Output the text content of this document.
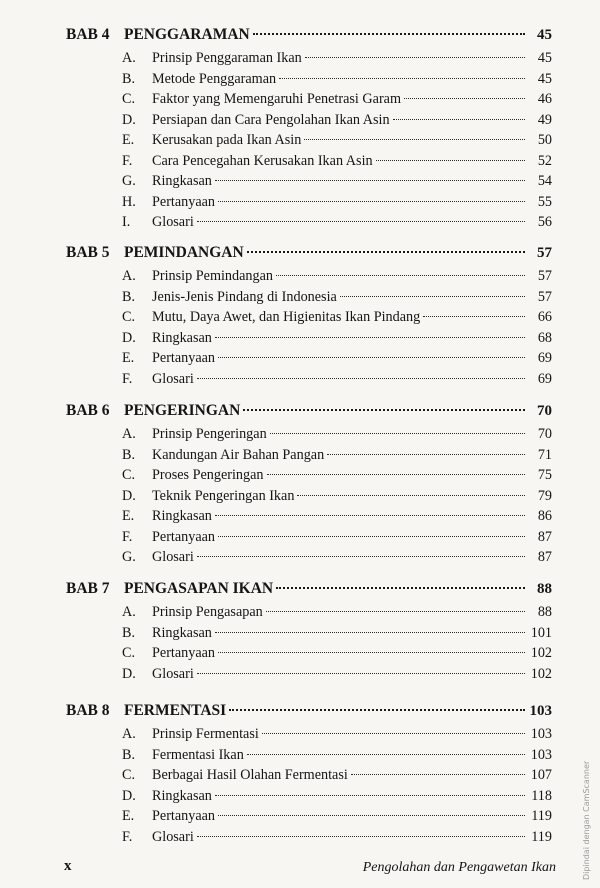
BAB 4 PENGGARAMAN	45
A.	Prinsip Penggaraman Ikan	45
B.	Metode Penggaraman	45
C.	Faktor yang Memengaruhi Penetrasi Garam	46
D.	Persiapan dan Cara Pengolahan Ikan Asin	49
E.	Kerusakan pada Ikan Asin	50
F.	Cara Pencegahan Kerusakan Ikan Asin	52
G.	Ringkasan	54
H.	Pertanyaan	55
I.	Glosari	56
BAB 5 PEMINDANGAN	57
A.	Prinsip Pemindangan	57
B.	Jenis-Jenis Pindang di Indonesia	57
C.	Mutu, Daya Awet, dan Higienitas Ikan Pindang	66
D.	Ringkasan	68
E.	Pertanyaan	69
F.	Glosari	69
BAB 6 PENGERINGAN	70
A.	Prinsip Pengeringan	70
B.	Kandungan Air Bahan Pangan	71
C.	Proses Pengeringan	75
D.	Teknik Pengeringan Ikan	79
E.	Ringkasan	86
F.	Pertanyaan	87
G.	Glosari	87
BAB 7 PENGASAPAN IKAN	88
A.	Prinsip Pengasapan	88
B.	Ringkasan	101
C.	Pertanyaan	102
D.	Glosari	102
BAB 8 FERMENTASI	103
A.	Prinsip Fermentasi	103
B.	Fermentasi Ikan	103
C.	Berbagai Hasil Olahan Fermentasi	107
D.	Ringkasan	118
E.	Pertanyaan	119
F.	Glosari	119
x	Pengolahan dan Pengawetan Ikan	Dipindai dengan CamScanner
